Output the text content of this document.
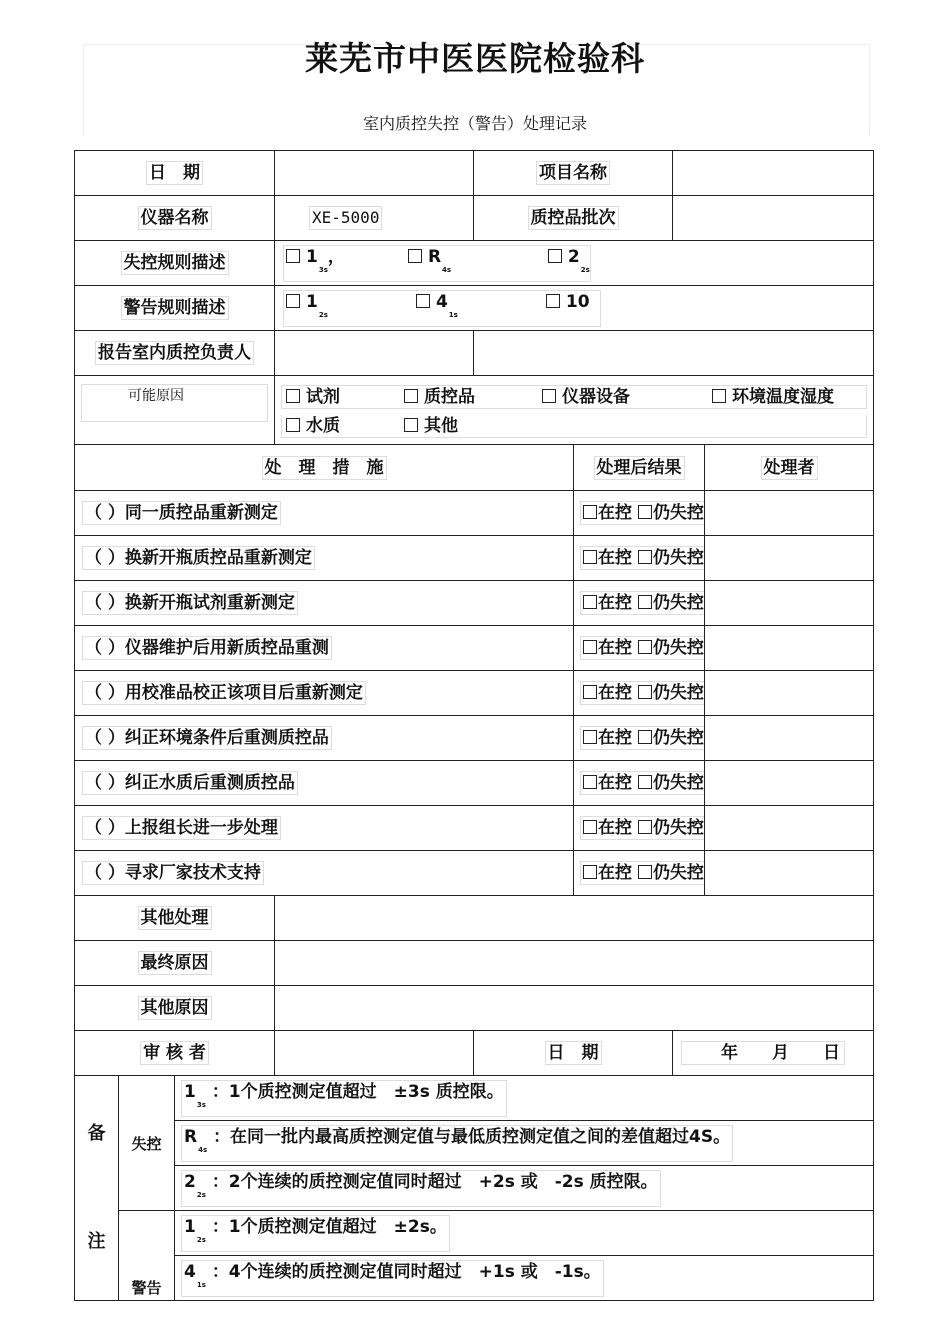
莱芜市中医医院检验科
室内质控失控（警告）处理记录
日　期				项目名称			
仪器名称			XE-5000	质控品批次			
失控规则描述			$1_{3s}$， $R_{4s}$ $2_{2s}$
警告规则描述			$1_{2s}$ $4_{1s}$ 10				
报告室内质控负责人							

可能原因			试剂 质控品 仪器设备 环境温度湿度
水质 其他				

处　理　措　施					处理后结果		处理者
（ ）同一质控品重新测定					在控 仍失控		
（ ）换新开瓶质控品重新测定					在控 仍失控		
（ ）换新开瓶试剂重新测定					在控 仍失控		
（ ）仪器维护后用新质控品重测					在控 仍失控		
（ ）用校准品校正该项目后重新测定					在控 仍失控		
（ ）纠正环境条件后重测质控品					在控 仍失控		
（ ）纠正水质后重测质控品					在控 仍失控		
（ ）上报组长进一步处理					在控 仍失控		
（ ）寻求厂家技术支持					在控 仍失控		
其他处理							
最终原因							
其他原因							
审 核 者				日　期		年　　月　　日	

备
注	失控	$1_{3s}$ ：1个质控测定值超过　±3s 质控限。					
		$R_{4s}$ ：在同一批内最高质控测定值与最低质控测定值之间的差值超过4S。					
		$2_{2s}$ ：2个连续的质控测定值同时超过　+2s 或　-2s 质控限。					
	警告	$1_{2s}$ ：1个质控测定值超过　±2s。					
		$4_{1s}$ ：4个连续的质控测定值同时超过　+1s 或　-1s。					
